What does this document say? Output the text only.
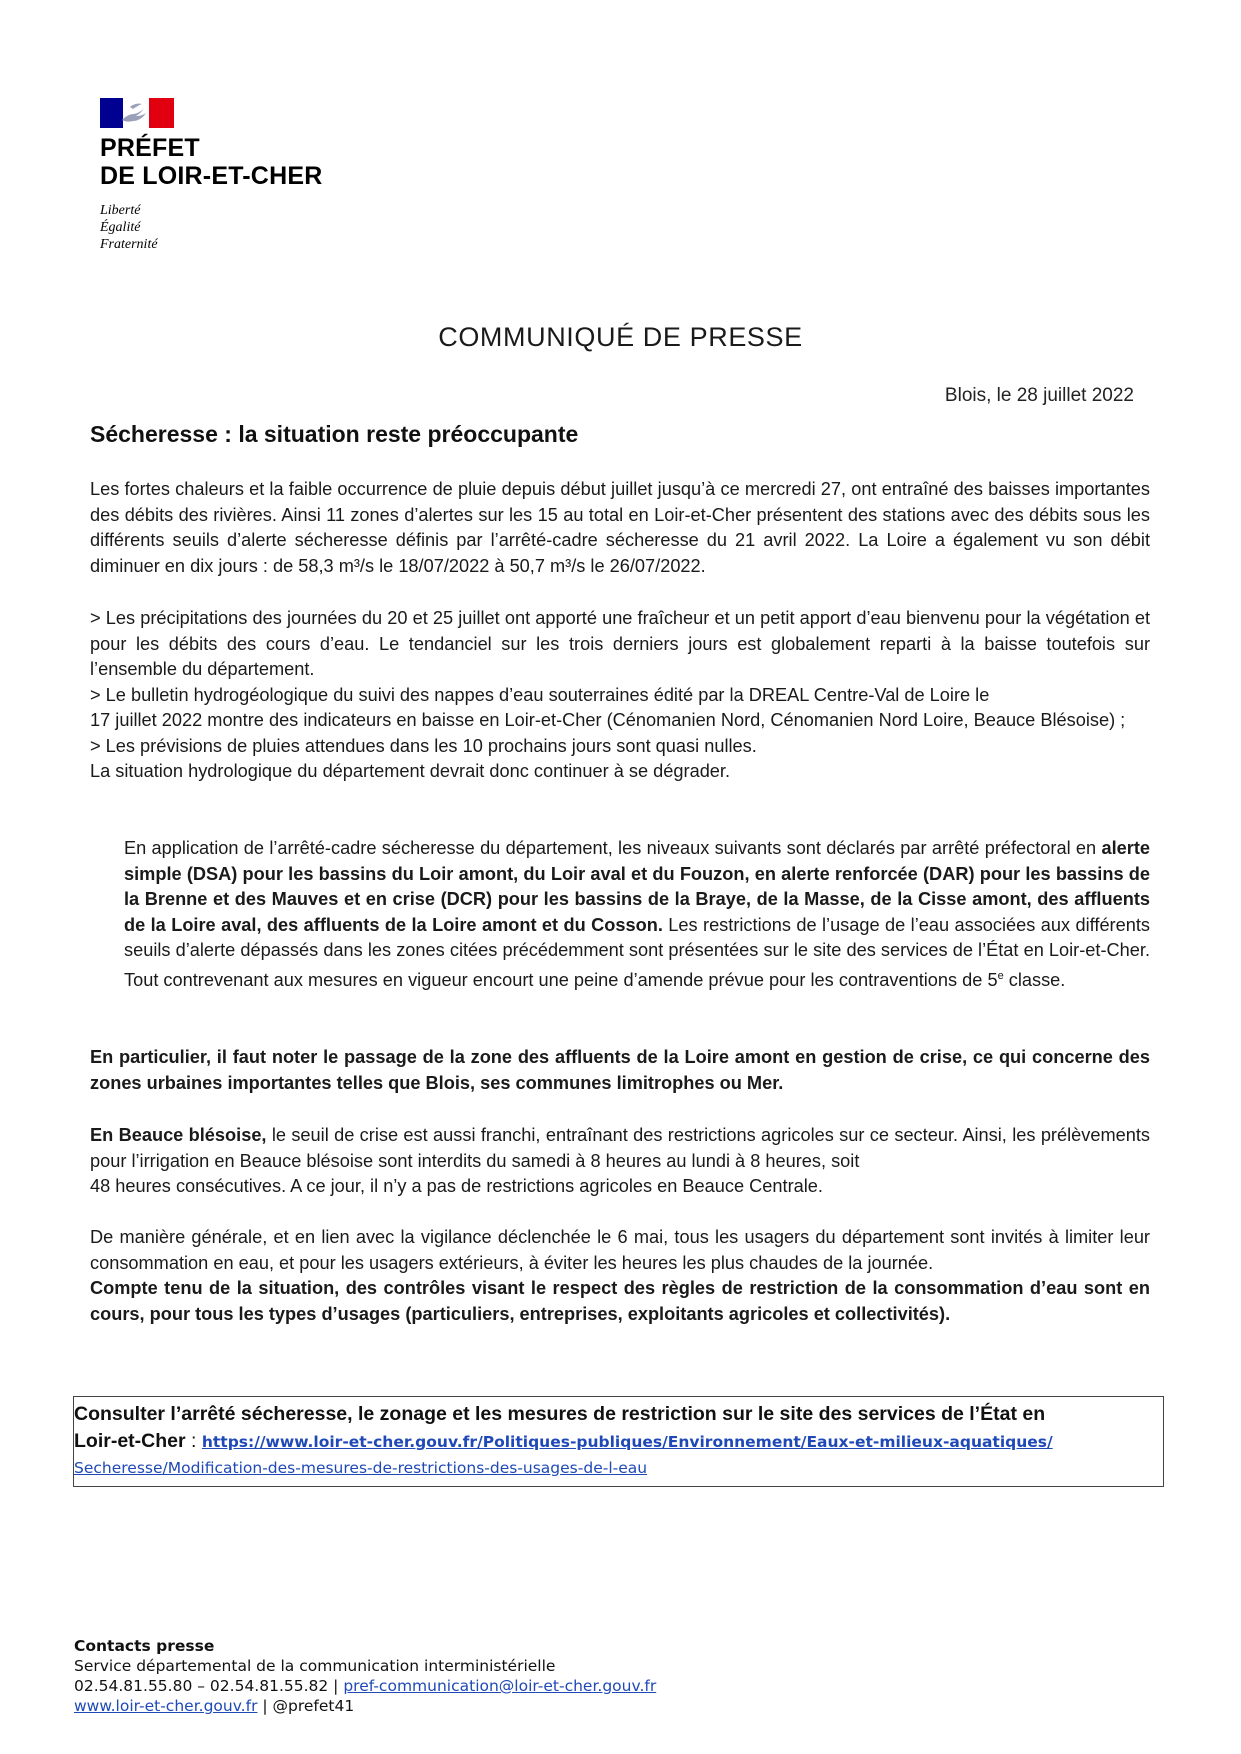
PRÉFET
DE LOIR-ET-CHER
Liberté
Égalité
Fraternité
COMMUNIQUÉ DE PRESSE
Blois, le 28 juillet 2022
Sécheresse : la situation reste préoccupante

Les fortes chaleurs et la faible occurrence de pluie depuis début juillet jusqu’à ce mercredi 27, ont entraîné des baisses importantes des débits des rivières. Ainsi 11 zones d’alertes sur les 15 au total en Loir-et-Cher présentent des stations avec des débits sous les différents seuils d’alerte sécheresse définis par l’arrêté-cadre sécheresse du 21 avril 2022. La Loire a également vu son débit diminuer en dix jours : de 58,3 m³/s le 18/07/2022 à 50,7 m³/s le 26/07/2022.

> Les précipitations des journées du 20 et 25 juillet ont apporté une fraîcheur et un petit apport d’eau bienvenu pour la végétation et pour les débits des cours d’eau. Le tendanciel sur les trois derniers jours est globalement reparti à la baisse toutefois sur l’ensemble du département.

> Le bulletin hydrogéologique du suivi des nappes d’eau souterraines édité par la DREAL Centre-Val de Loire le

17 juillet 2022 montre des indicateurs en baisse en Loir-et-Cher (Cénomanien Nord, Cénomanien Nord Loire, Beauce Blésoise) ;

> Les prévisions de pluies attendues dans les 10 prochains jours sont quasi nulles.

La situation hydrologique du département devrait donc continuer à se dégrader.

En application de l’arrêté-cadre sécheresse du département, les niveaux suivants sont déclarés par arrêté préfectoral en alerte simple (DSA) pour les bassins du Loir amont, du Loir aval et du Fouzon, en alerte renforcée (DAR) pour les bassins de la Brenne et des Mauves et en crise (DCR) pour les bassins de la Braye, de la Masse, de la Cisse amont, des affluents de la Loire aval, des affluents de la Loire amont et du Cosson. Les restrictions de l’usage de l’eau associées aux différents seuils d’alerte dépassés dans les zones citées précédemment sont présentées sur le site des services de l’État en Loir-et-Cher. Tout contrevenant aux mesures en vigueur encourt une peine d’amende prévue pour les contraventions de 5e classe.

En particulier, il faut noter le passage de la zone des affluents de la Loire amont en gestion de crise, ce qui concerne des zones urbaines importantes telles que Blois, ses communes limitrophes ou Mer.

En Beauce blésoise, le seuil de crise est aussi franchi, entraînant des restrictions agricoles sur ce secteur. Ainsi, les prélèvements pour l’irrigation en Beauce blésoise sont interdits du samedi à 8 heures au lundi à 8 heures, soit

48 heures consécutives. A ce jour, il n’y a pas de restrictions agricoles en Beauce Centrale.

De manière générale, et en lien avec la vigilance déclenchée le 6 mai, tous les usagers du département sont invités à limiter leur consommation en eau, et pour les usagers extérieurs, à éviter les heures les plus chaudes de la journée.

Compte tenu de la situation, des contrôles visant le respect des règles de restriction de la consommation d’eau sont en cours, pour tous les types d’usages (particuliers, entreprises, exploitants agricoles et collectivités).

Consulter l’arrêté sécheresse, le zonage et les mesures de restriction sur le site des services de l’État en
Loir-et-Cher : https://www.loir-et-cher.gouv.fr/Politiques-publiques/Environnement/Eaux-et-milieux-aquatiques/
Secheresse/Modification-des-mesures-de-restrictions-des-usages-de-l-eau
Contacts presse
Service départemental de la communication interministérielle
02.54.81.55.80 – 02.54.81.55.82 | pref-communication@loir-et-cher.gouv.fr
www.loir-et-cher.gouv.fr | @prefet41
